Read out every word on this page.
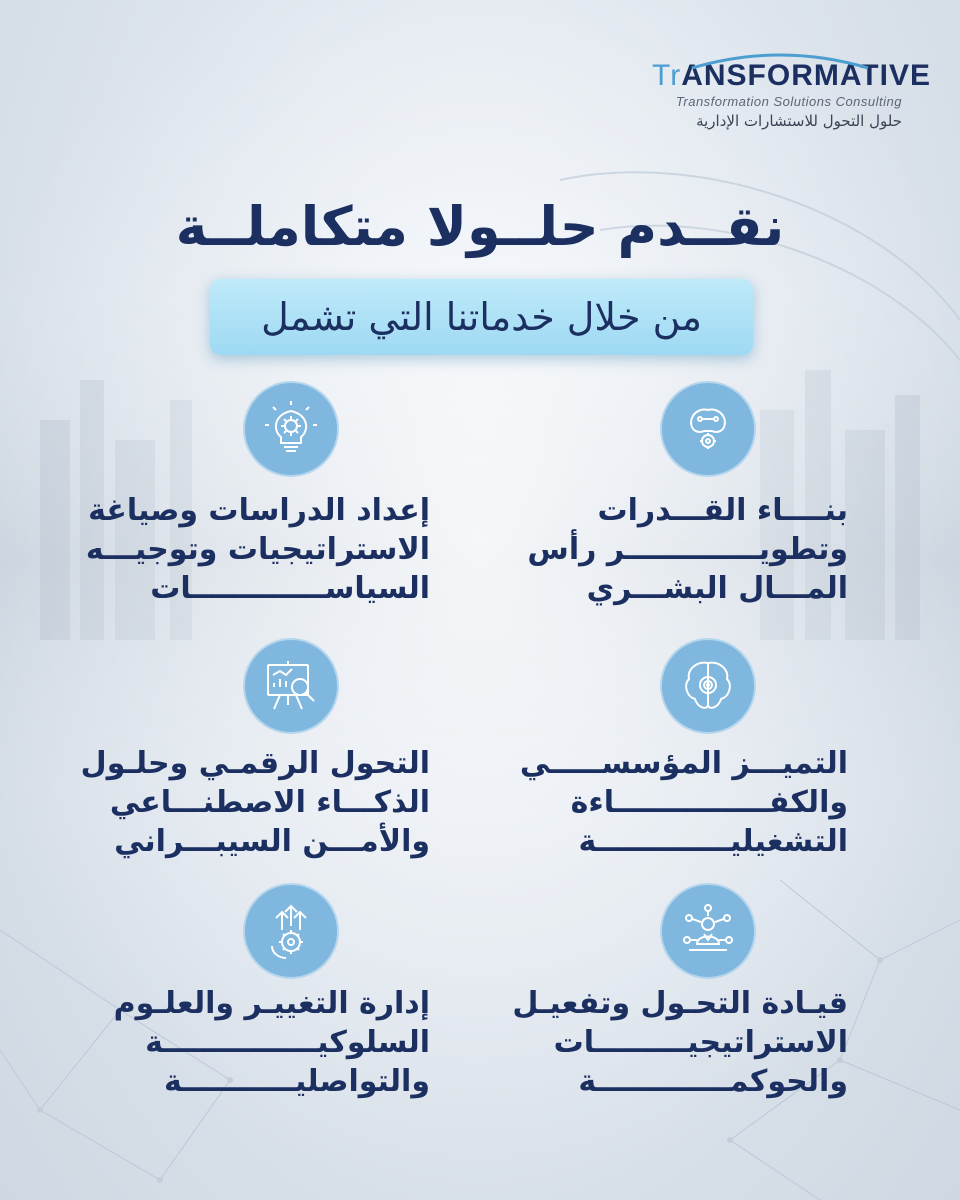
TrANSFORMATIVE
Transformation Solutions Consulting
حلول التحول للاستشارات الإدارية
نقــدم حلــولا متكاملــة
من خلال خدماتنا التي تشمل
بنــــاء القـــدرات
وتطويـــــــــــــر رأس
المـــال البشـــري
إعداد الدراسات وصياغة
الاستراتيجيات وتوجيـــه
السياســـــــــــــات
التميـــز المؤسســـــي
والكفـــــــــــــــاءة
التشغيليـــــــــــــة
التحول الرقمـي وحلـول
الذكـــاء الاصطنـــاعي
والأمـــن السيبـــراني
قيـادة التحـول وتفعيـل
الاستراتيجيـــــــــات
والحوكمـــــــــــــة
إدارة التغييـر والعلـوم
السلوكيـــــــــــــــة
والتواصليـــــــــــة
